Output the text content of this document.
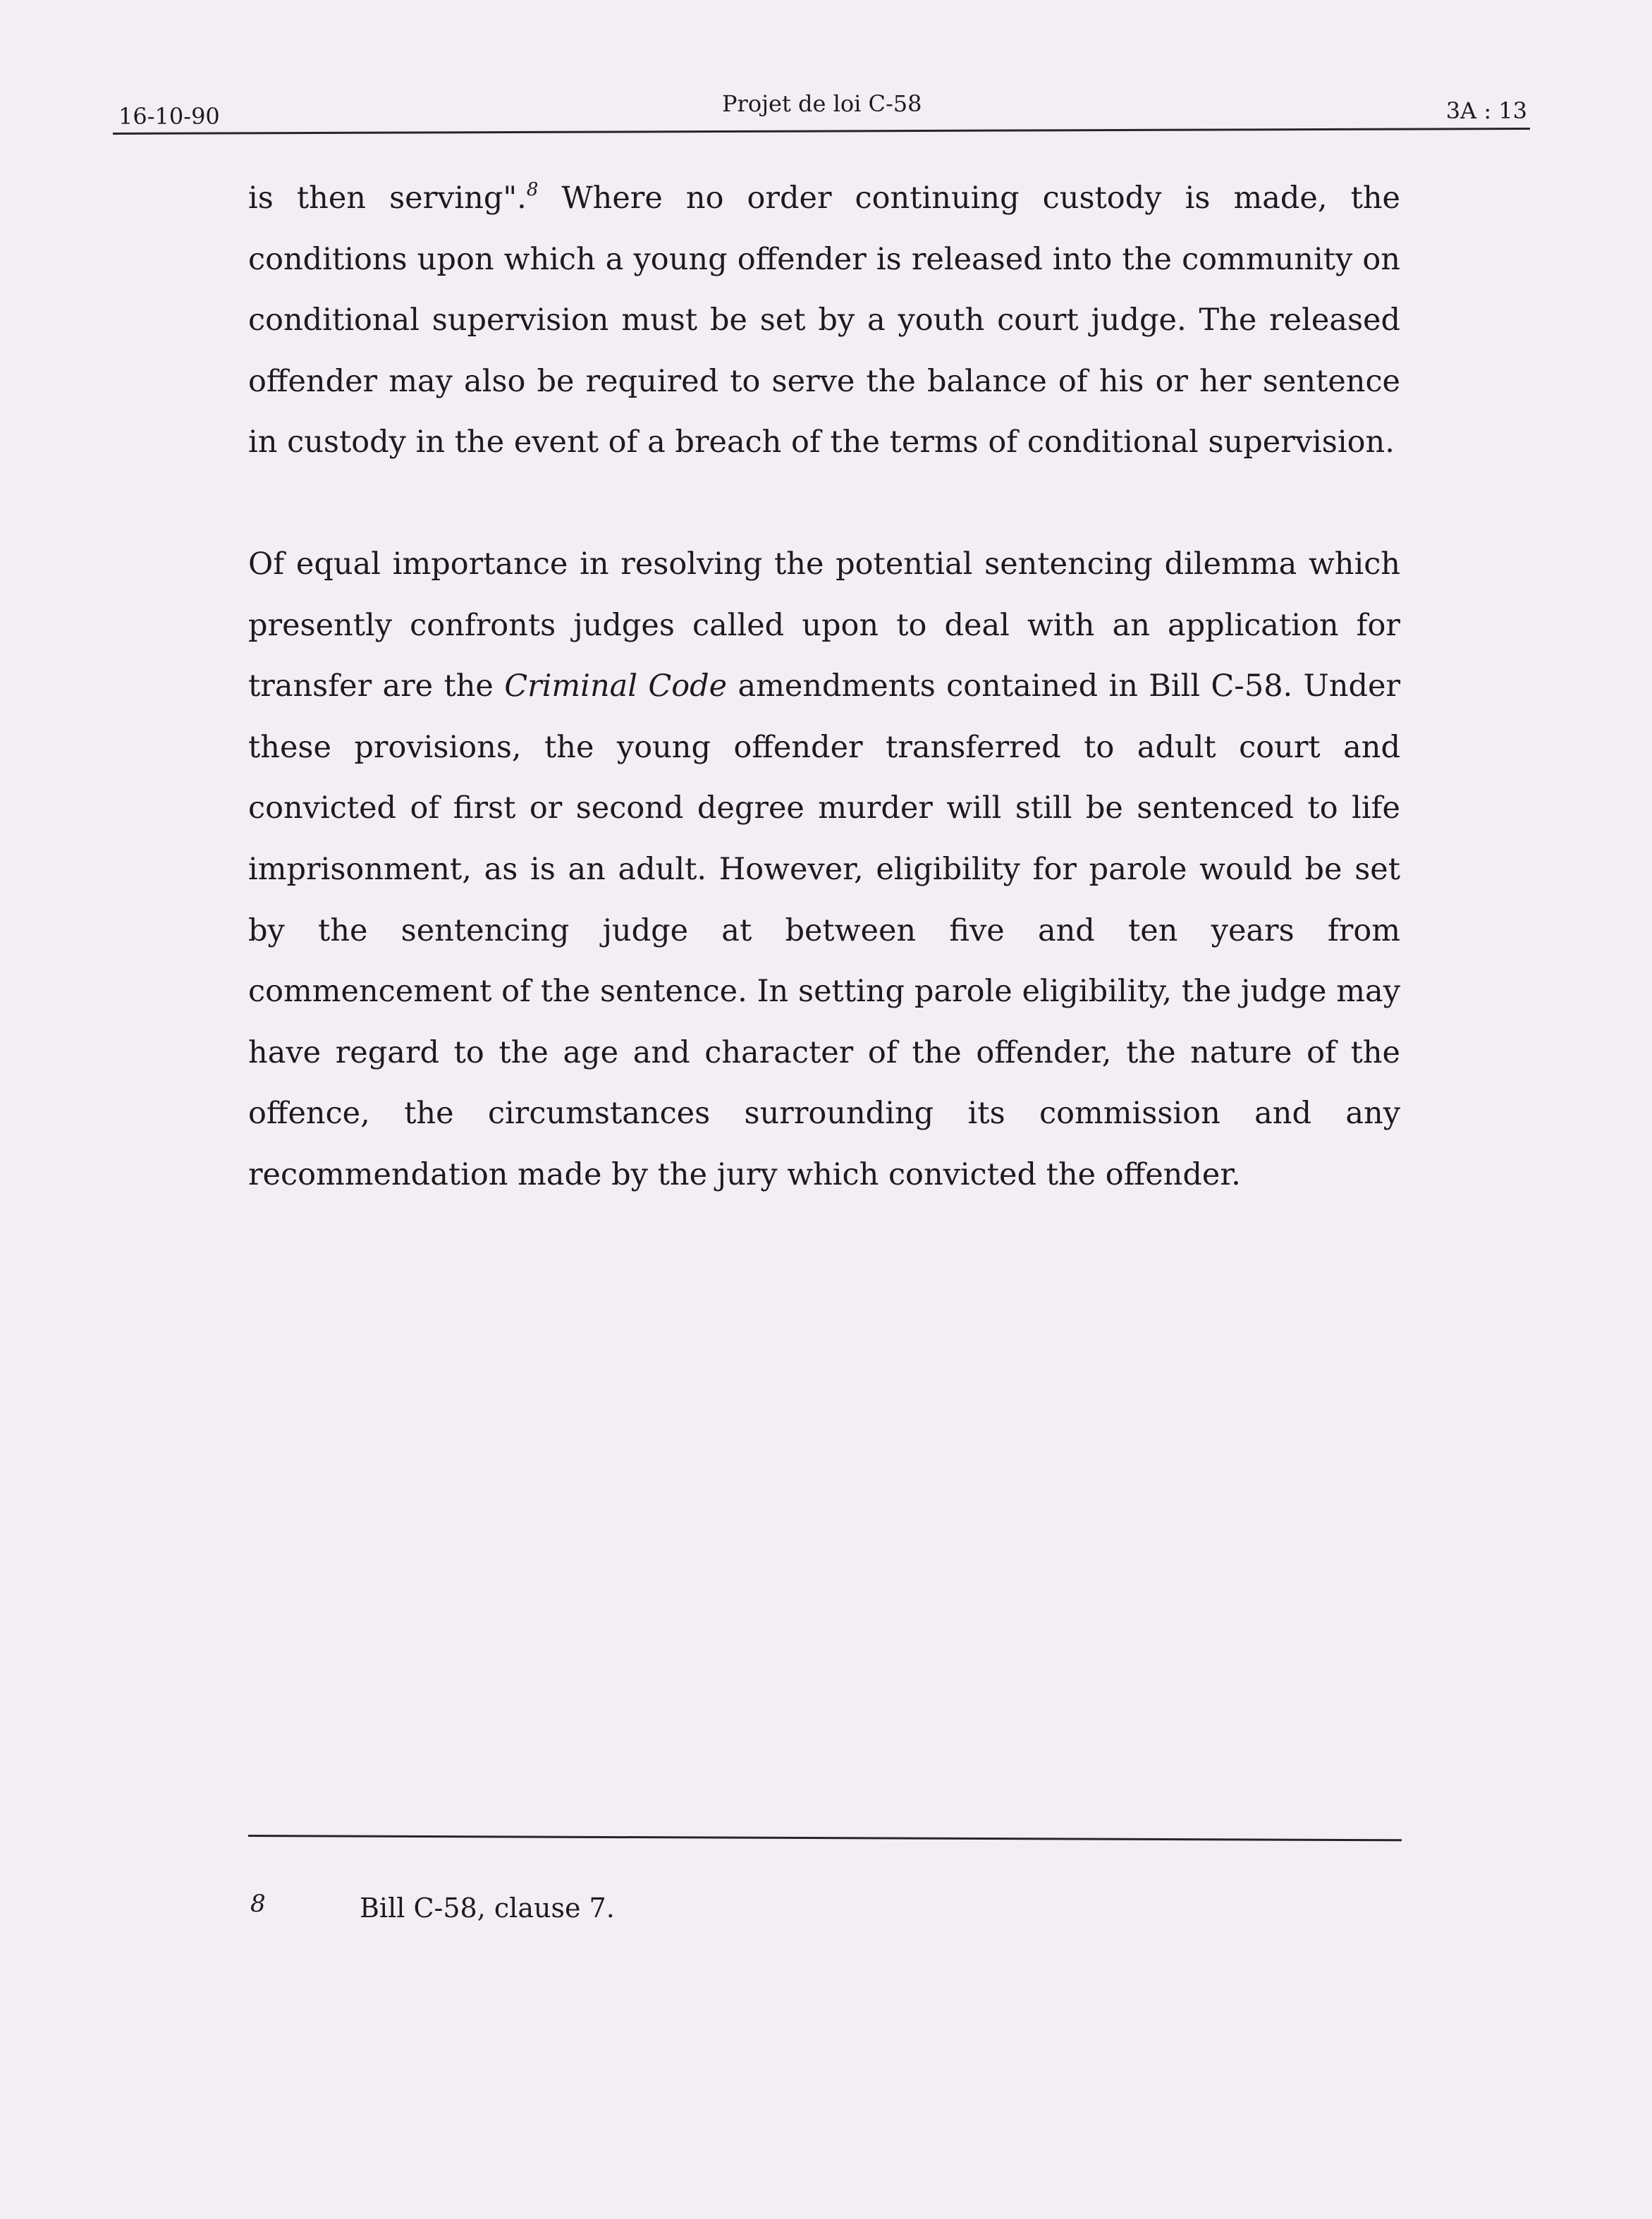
16-10-90	Projet de loi C-58	3A : 13

is then serving".$^8$ Where no order continuing custody is made, the conditions upon which a young offender is released into the community on conditional supervision must be set by a youth court judge. The released offender may also be required to serve the balance of his or her sentence in custody in the event of a breach of the terms of conditional supervision.

Of equal importance in resolving the potential sentencing dilemma which presently confronts judges called upon to deal with an application for transfer are the Criminal Code amendments contained in Bill C-58. Under these provisions, the young offender transferred to adult court and convicted of first or second degree murder will still be sentenced to life imprisonment, as is an adult. However, eligibility for parole would be set by the sentencing judge at between five and ten years from commencement of the sentence. In setting parole eligibility, the judge may have regard to the age and character of the offender, the nature of the offence, the circumstances surrounding its commission and any recommendation made by the jury which convicted the offender.

8	Bill C-58, clause 7.
